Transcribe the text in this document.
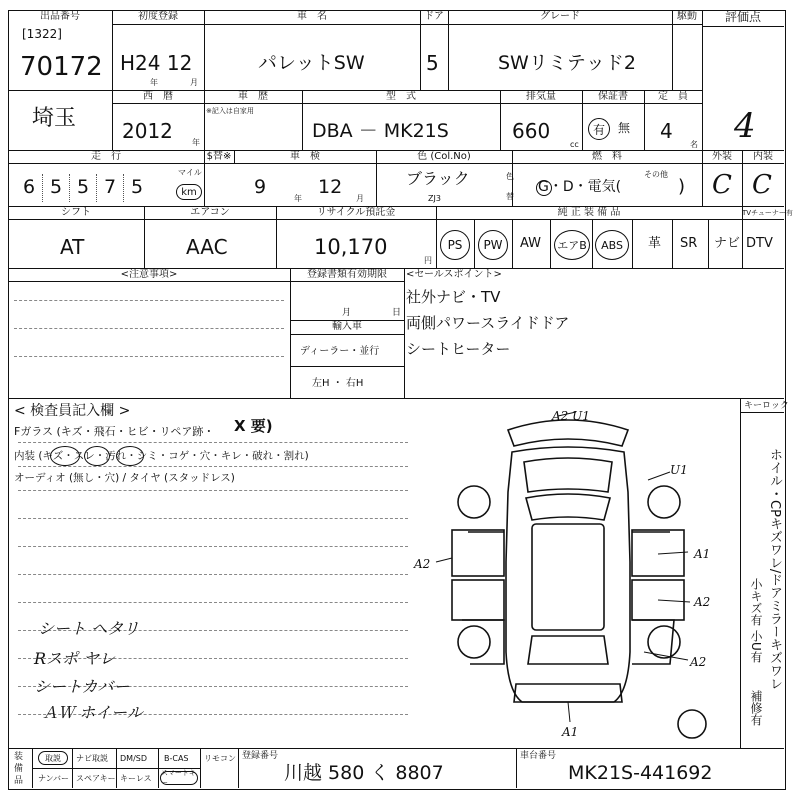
出品番号
[1322]
70172
初度登録
H24 12
年	月
車　名
パレットSW
ドア
5
グレード
SWリミテッド2
駆動	評価点
4
埼玉
西　暦
2012 年
車　歴
※記入は自家用
型　式
DBA － MK21S
排気量
660
cc
保証書
有	無
定　員
4
名
走　行	$替※
6 5 5 7 5
マイル
km
車　検
9
年
12
月
色 (Col.No)
ブラック
ZJ3
色
替
燃　料
G・D・電気(
その他
)
外装
C
内装
C
シフト
AT
エアコン
AAC
リサイクル預託金
10,170
円
純 正 装 備 品	TVチューナー有
PS	PW	AW エアB	ABS	革 SR ナビ DTV
<注意事項>	登録書類有効期限
月	日
輸入車
ディーラー・並行
左H ・ 右H
<セールスポイント>
社外ナビ・TV
両側パワースライドドア
シートヒーター
< 検査員記入欄 >
Fガラス (キズ・飛石・ヒビ・リペア跡・ X 要)
内装 (キズ・スレ・汚れ・シミ・コゲ・穴・キレ・破れ・割れ)
オーディオ (無し・穴) / タイヤ (スタッドレス)
シート ヘタリ
Rスポ ヤレ
シートカバー
ＡＷ ホイール
キーロック
ホイル・CPキズワレ/ドアミラーキズワレ
小キズ有
小U有
補修有
A2 U1
U1
A2
A1
A2
A2
A1
装
備
品
取説	ナビ取説 DM/SD B-CAS リモコン
ナンバー スペアキー キーレス
スマートキー
登録番号
川越 580 く 8807
車台番号
MK21S-441692
